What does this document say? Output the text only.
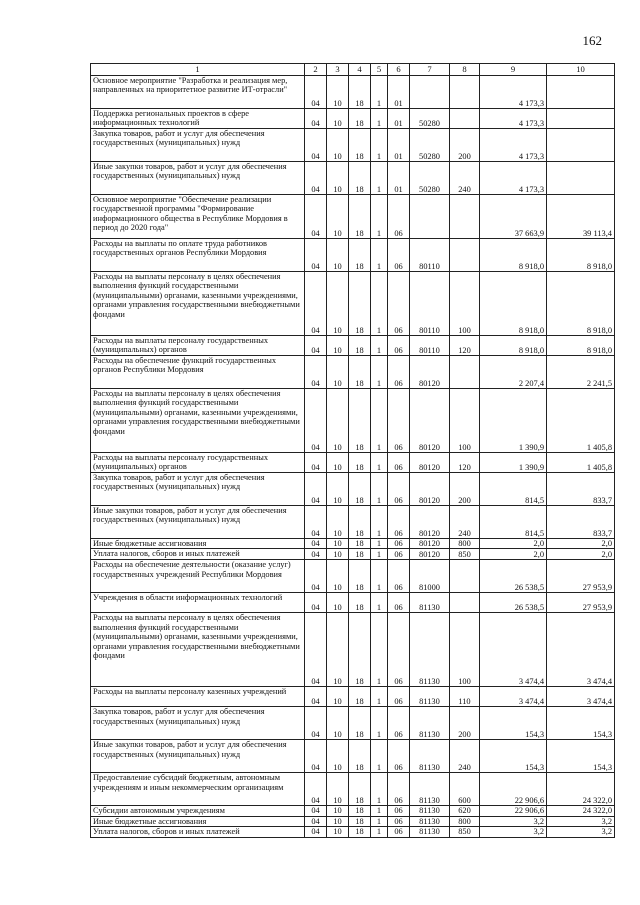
162
1	2	3	4	5	6	7	8	9	10
Основное мероприятие "Разработка и реализация мер, направленных на приоритетное развитие ИТ-отрасли"	04	10	18	1	01			4 173,3	
Поддержка региональных проектов в сфере информационных технологий	04	10	18	1	01	50280		4 173,3	
Закупка товаров, работ и услуг для обеспечения государственных (муниципальных) нужд	04	10	18	1	01	50280	200	4 173,3	
Иные закупки товаров, работ и услуг для обеспечения государственных (муниципальных) нужд	04	10	18	1	01	50280	240	4 173,3	
Основное мероприятие "Обеспечение реализации государственной программы "Формирование информационного общества в Республике Мордовия в период до 2020 года"	04	10	18	1	06			37 663,9	39 113,4
Расходы на выплаты по оплате труда работников государственных органов Республики Мордовия	04	10	18	1	06	80110		8 918,0	8 918,0
Расходы на выплаты персоналу в целях обеспечения выполнения функций государственными (муниципальными) органами, казенными учреждениями, органами управления государственными внебюджетными фондами	04	10	18	1	06	80110	100	8 918,0	8 918,0
Расходы на выплаты персоналу государственных (муниципальных) органов	04	10	18	1	06	80110	120	8 918,0	8 918,0
Расходы на обеспечение функций государственных органов Республики Мордовия	04	10	18	1	06	80120		2 207,4	2 241,5
Расходы на выплаты персоналу в целях обеспечения выполнения функций государственными (муниципальными) органами, казенными учреждениями, органами управления государственными внебюджетными фондами	04	10	18	1	06	80120	100	1 390,9	1 405,8
Расходы на выплаты персоналу государственных (муниципальных) органов	04	10	18	1	06	80120	120	1 390,9	1 405,8
Закупка товаров, работ и услуг для обеспечения государственных (муниципальных) нужд	04	10	18	1	06	80120	200	814,5	833,7
Иные закупки товаров, работ и услуг для обеспечения государственных (муниципальных) нужд	04	10	18	1	06	80120	240	814,5	833,7
Иные бюджетные ассигнования	04	10	18	1	06	80120	800	2,0	2,0
Уплата налогов, сборов и иных платежей	04	10	18	1	06	80120	850	2,0	2,0
Расходы на обеспечение деятельности (оказание услуг) государственных учреждений Республики Мордовия	04	10	18	1	06	81000		26 538,5	27 953,9
Учреждения в области информационных технологий	04	10	18	1	06	81130		26 538,5	27 953,9
Расходы на выплаты персоналу в целях обеспечения выполнения функций государственными (муниципальными) органами, казенными учреждениями, органами управления государственными внебюджетными фондами	04	10	18	1	06	81130	100	3 474,4	3 474,4
Расходы на выплаты персоналу казенных учреждений	04	10	18	1	06	81130	110	3 474,4	3 474,4
Закупка товаров, работ и услуг для обеспечения государственных (муниципальных) нужд	04	10	18	1	06	81130	200	154,3	154,3
Иные закупки товаров, работ и услуг для обеспечения государственных (муниципальных) нужд	04	10	18	1	06	81130	240	154,3	154,3
Предоставление субсидий бюджетным, автономным учреждениям и иным некоммерческим организациям	04	10	18	1	06	81130	600	22 906,6	24 322,0
Субсидии автономным учреждениям	04	10	18	1	06	81130	620	22 906,6	24 322,0
Иные бюджетные ассигнования	04	10	18	1	06	81130	800	3,2	3,2
Уплата налогов, сборов и иных платежей	04	10	18	1	06	81130	850	3,2	3,2
